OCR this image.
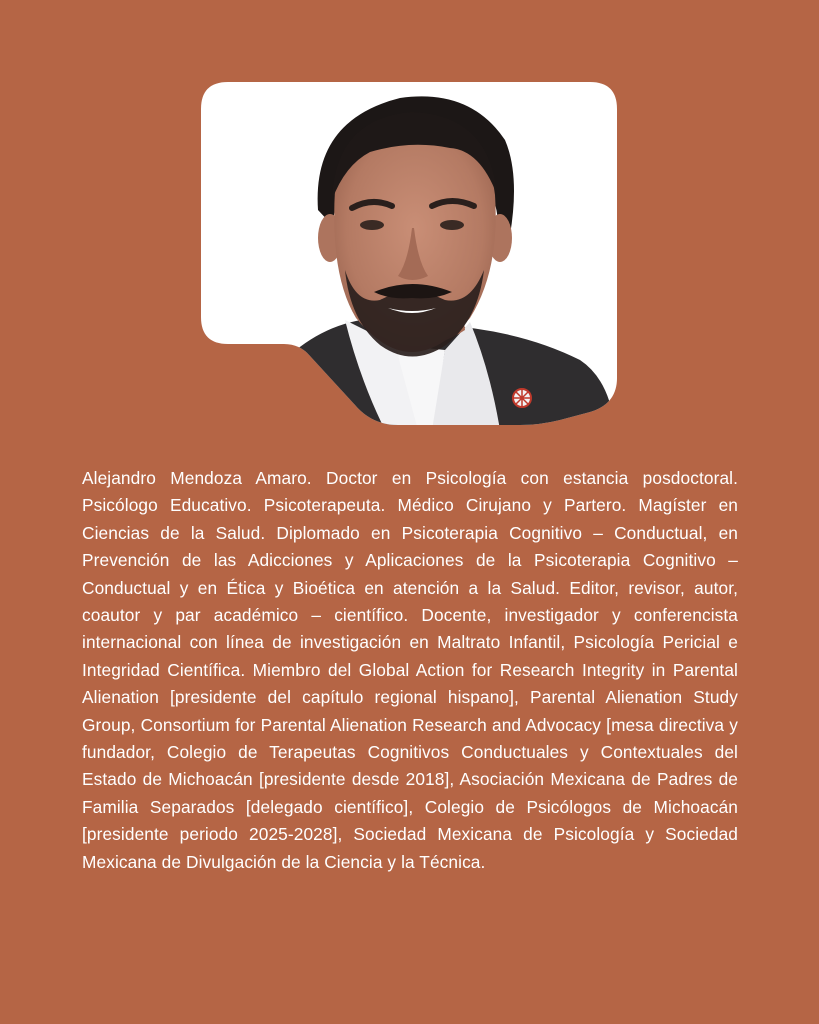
Alejandro Mendoza Amaro. Doctor en Psicología con estancia posdoctoral. Psicólogo Educativo. Psicoterapeuta. Médico Cirujano y Partero. Magíster en Ciencias de la Salud. Diplomado en Psicoterapia Cognitivo – Conductual, en Prevención de las Adicciones y Aplicaciones de la Psicoterapia Cognitivo – Conductual y en Ética y Bioética en atención a la Salud. Editor, revisor, autor, coautor y par académico – científico. Docente, investigador y conferencista internacional con línea de investigación en Maltrato Infantil, Psicología Pericial e Integridad Científica. Miembro del Global Action for Research Integrity in Parental Alienation [presidente del capítulo regional hispano], Parental Alienation Study Group, Consortium for Parental Alienation Research and Advocacy [mesa directiva y fundador, Colegio de Terapeutas Cognitivos Conductuales y Contextuales del Estado de Michoacán [presidente desde 2018], Asociación Mexicana de Padres de Familia Separados [delegado científico], Colegio de Psicólogos de Michoacán [presidente periodo 2025-2028], Sociedad Mexicana de Psicología y Sociedad Mexicana de Divulgación de la Ciencia y la Técnica.
